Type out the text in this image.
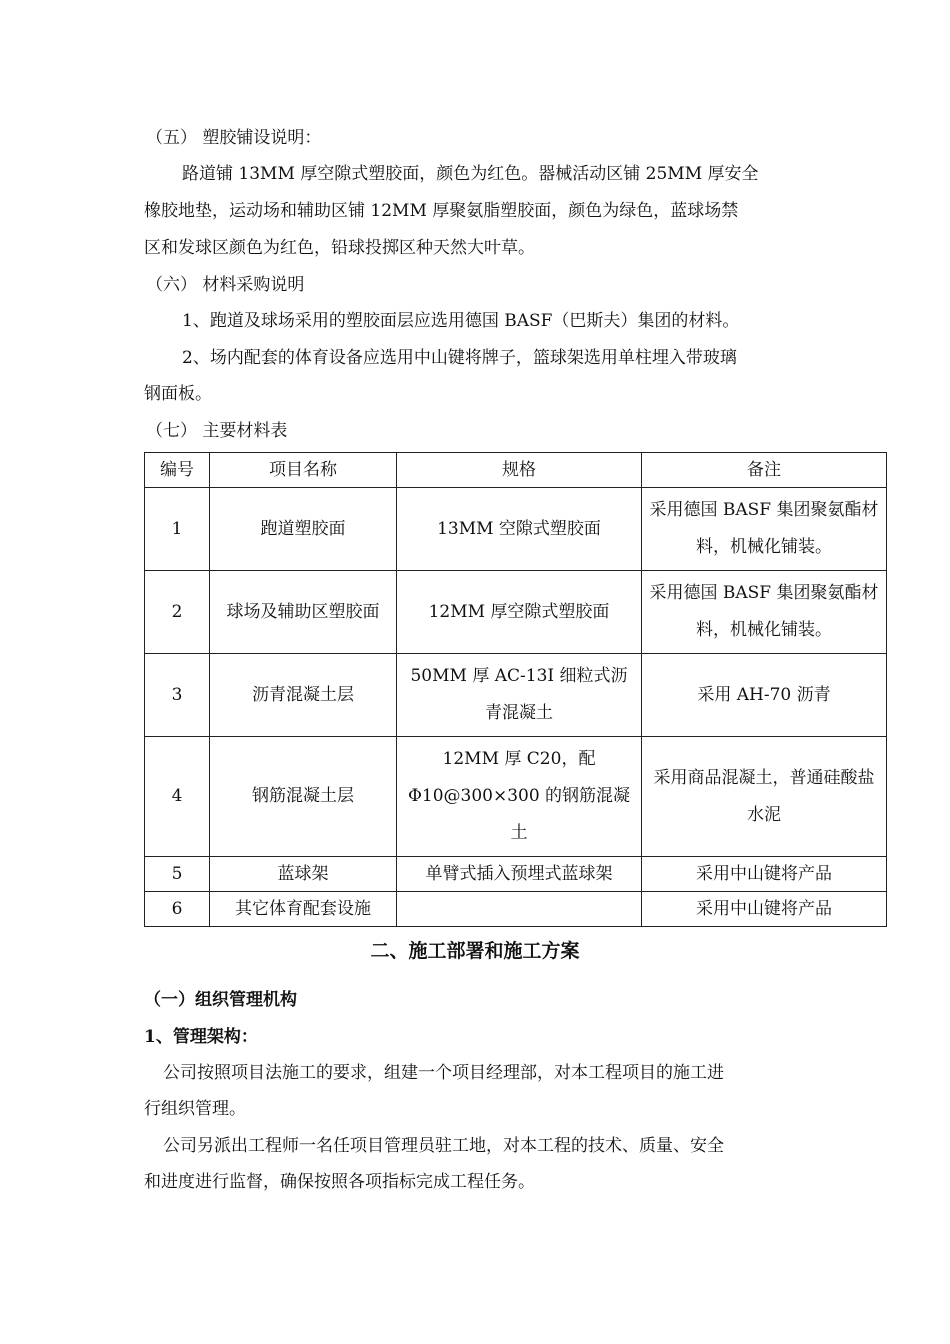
（五） 塑胶铺设说明：
路道铺 13MM 厚空隙式塑胶面，颜色为红色。器械活动区铺 25MM 厚安全
橡胶地垫，运动场和辅助区铺 12MM 厚聚氨脂塑胶面，颜色为绿色，蓝球场禁
区和发球区颜色为红色，铅球投掷区种天然大叶草。
（六） 材料采购说明
1、跑道及球场采用的塑胶面层应选用德国 BASF（巴斯夫）集团的材料。
2、场内配套的体育设备应选用中山键将牌子，篮球架选用单柱埋入带玻璃
钢面板。
（七） 主要材料表
编号	项目名称	规格	备注
1	跑道塑胶面	13MM 空隙式塑胶面	采用德国 BASF 集团聚氨酯材料，机械化铺装。
2	球场及辅助区塑胶面	12MM 厚空隙式塑胶面	采用德国 BASF 集团聚氨酯材料，机械化铺装。
3	沥青混凝土层	50MM 厚 AC-13I 细粒式沥青混凝土	采用 AH-70 沥青
4	钢筋混凝土层	12MM 厚 C20，配Φ10@300×300 的钢筋混凝土	采用商品混凝土，普通硅酸盐水泥
5	蓝球架	单臂式插入预埋式蓝球架	采用中山键将产品
6	其它体育配套设施		采用中山键将产品
二、施工部署和施工方案
（一）组织管理机构
1、管理架构：
公司按照项目法施工的要求，组建一个项目经理部，对本工程项目的施工进
行组织管理。
公司另派出工程师一名任项目管理员驻工地，对本工程的技术、质量、安全
和进度进行监督，确保按照各项指标完成工程任务。
